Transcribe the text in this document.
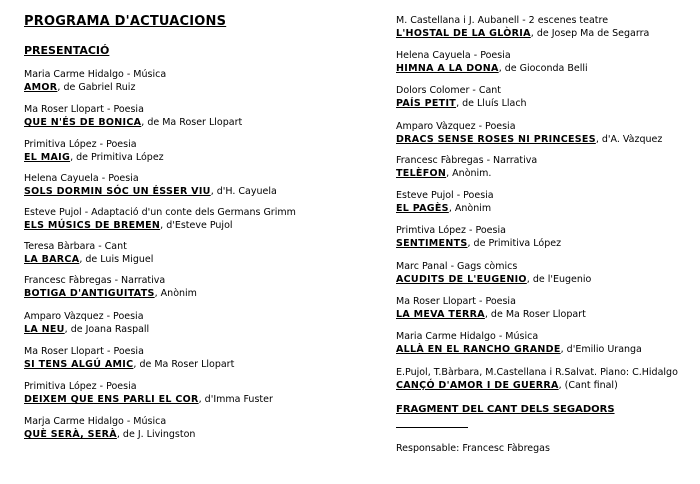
PROGRAMA D'ACTUACIONS
PRESENTACIÓ
Maria Carme Hidalgo - Música
AMOR, de Gabriel Ruiz
Ma Roser Llopart - Poesia
QUE N'ÉS DE BONICA, de Ma Roser Llopart
Primitiva López - Poesia
EL MAIG, de Primitiva López
Helena Cayuela - Poesia
SOLS DORMIN SÓC UN ÉSSER VIU, d'H. Cayuela
Esteve Pujol - Adaptació d'un conte dels Germans Grimm
ELS MÚSICS DE BREMEN, d'Esteve Pujol
Teresa Bàrbara - Cant
LA BARCA, de Luis Miguel
Francesc Fàbregas - Narrativa
BOTIGA D'ANTIGUITATS, Anònim
Amparo Vàzquez - Poesia
LA NEU, de Joana Raspall
Ma Roser Llopart - Poesia
SI TENS ALGÚ AMIC, de Ma Roser Llopart
Primitiva López - Poesia
DEIXEM QUE ENS PARLI EL COR, d'Imma Fuster
Marja Carme Hidalgo - Música
QUÈ SERÀ, SERÀ, de J. Livingston
M. Castellana i J. Aubanell - 2 escenes teatre
L'HOSTAL DE LA GLÒRIA, de Josep Ma de Segarra
Helena Cayuela - Poesia
HIMNA A LA DONA, de Gioconda Belli
Dolors Colomer - Cant
PAÍS PETIT, de Lluís Llach
Amparo Vàzquez - Poesia
DRACS SENSE ROSES NI PRINCESES, d'A. Vàzquez
Francesc Fàbregas - Narrativa
TELÈFON, Anònim.
Esteve Pujol - Poesia
EL PAGÈS, Anònim
Primtiva López - Poesia
SENTIMENTS, de Primitiva López
Marc Panal - Gags còmics
ACUDITS DE L'EUGENIO, de l'Eugenio
Ma Roser Llopart - Poesia
LA MEVA TERRA, de Ma Roser Llopart
Maria Carme Hidalgo - Música
ALLÀ EN EL RANCHO GRANDE, d'Emilio Uranga
E.Pujol, T.Bàrbara, M.Castellana i R.Salvat. Piano: C.Hidalgo
CANÇÓ D'AMOR I DE GUERRA, (Cant final)
FRAGMENT DEL CANT DELS SEGADORS
Responsable: Francesc Fàbregas
